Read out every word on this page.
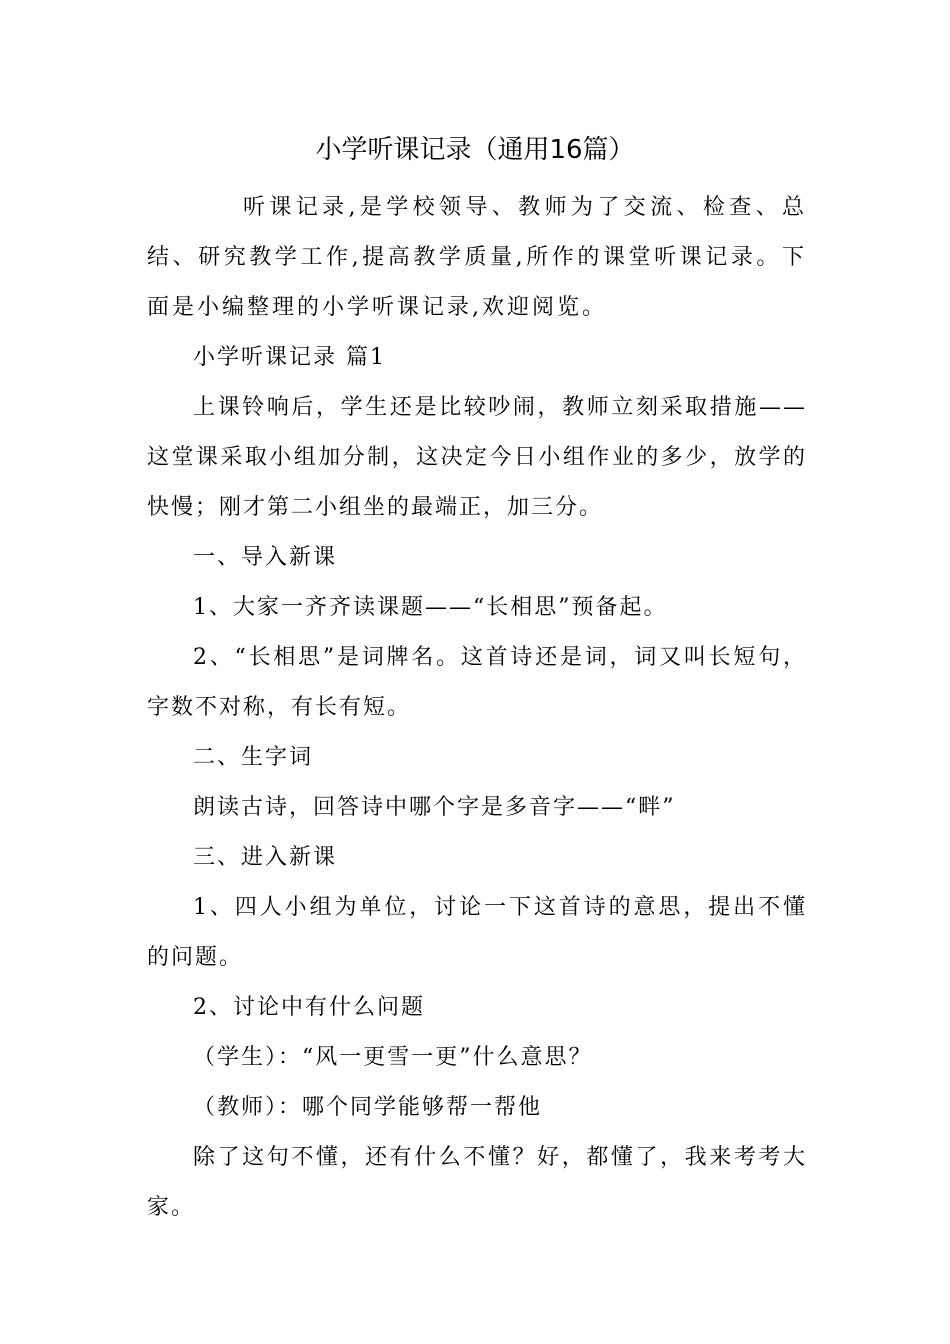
小学听课记录（通用16篇）

听课记录,是学校领导、教师为了交流、检查、总结、研究教学工作,提高教学质量,所作的课堂听课记录。下面是小编整理的小学听课记录,欢迎阅览。

小学听课记录 篇1

上课铃响后，学生还是比较吵闹，教师立刻采取措施——这堂课采取小组加分制，这决定今日小组作业的多少，放学的快慢；刚才第二小组坐的最端正，加三分。

一、导入新课

1、大家一齐齐读课题——“长相思”预备起。

2、“长相思”是词牌名。这首诗还是词，词又叫长短句，字数不对称，有长有短。

二、生字词

朗读古诗，回答诗中哪个字是多音字——“畔”

三、进入新课

1、四人小组为单位，讨论一下这首诗的意思，提出不懂的问题。

2、讨论中有什么问题

（学生）：“风一更雪一更”什么意思？

（教师）：哪个同学能够帮一帮他

除了这句不懂，还有什么不懂？好，都懂了，我来考考大家。
